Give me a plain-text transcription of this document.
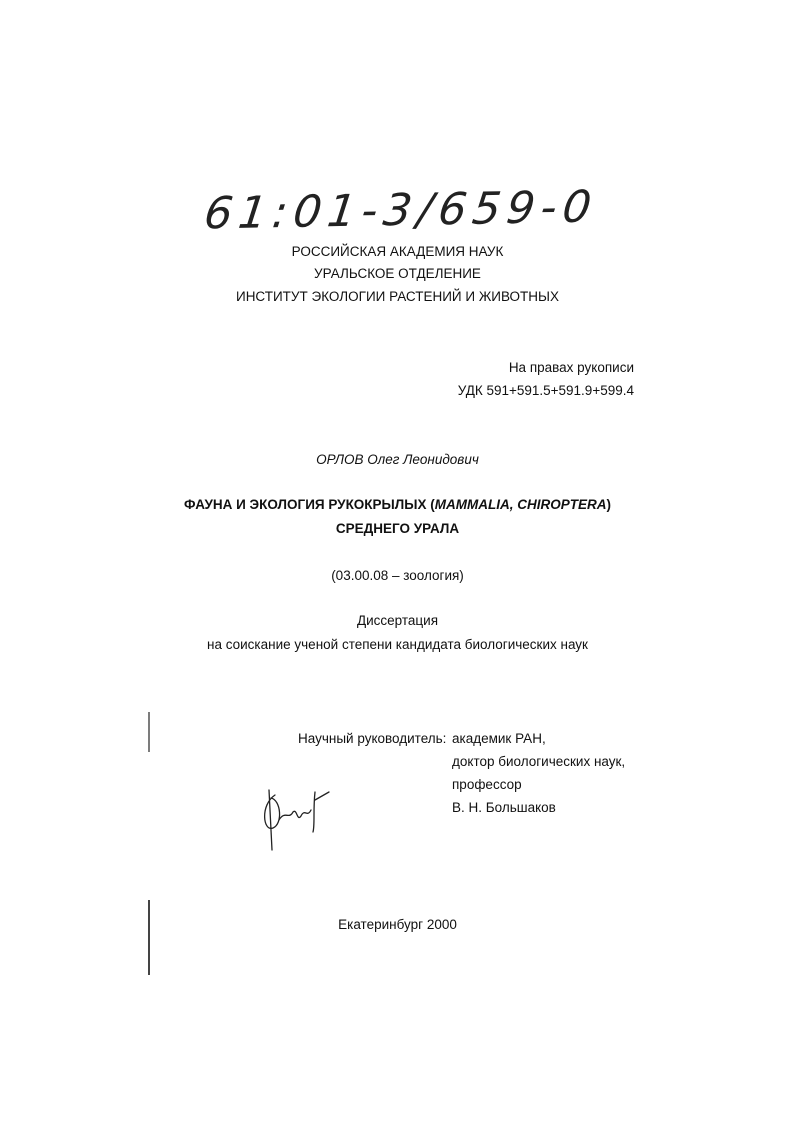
61:01-3/659-0
РОССИЙСКАЯ АКАДЕМИЯ НАУК
УРАЛЬСКОЕ ОТДЕЛЕНИЕ
ИНСТИТУТ ЭКОЛОГИИ РАСТЕНИЙ И ЖИВОТНЫХ
На правах рукописи
УДК 591+591.5+591.9+599.4
ОРЛОВ Олег Леонидович
ФАУНА И ЭКОЛОГИЯ РУКОКРЫЛЫХ (MAMMALIA, CHIROPTERA)
СРЕДНЕГО УРАЛА
(03.00.08 – зоология)
Диссертация
на соискание ученой степени кандидата биологических наук
Научный руководитель: академик РАН,
доктор биологических наук,
профессор
В. Н. Большаков
Екатеринбург 2000
